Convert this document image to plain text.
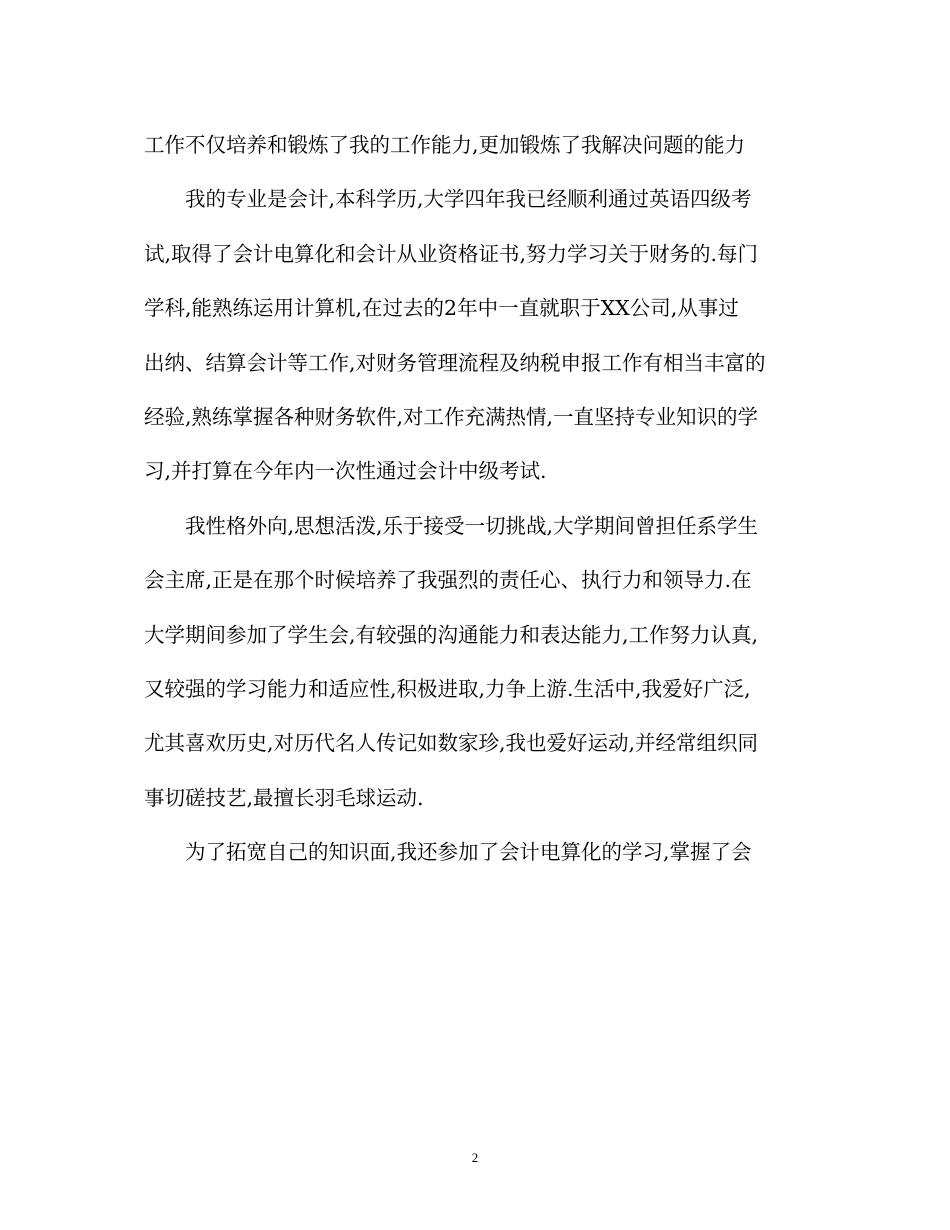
工作不仅培养和锻炼了我的工作能力,更加锻炼了我解决问题的能力
我的专业是会计,本科学历,大学四年我已经顺利通过英语四级考
试,取得了会计电算化和会计从业资格证书,努力学习关于财务的.每门
学科,能熟练运用计算机,在过去的2年中一直就职于XX公司,从事过
出纳、结算会计等工作,对财务管理流程及纳税申报工作有相当丰富的
经验,熟练掌握各种财务软件,对工作充满热情,一直坚持专业知识的学
习,并打算在今年内一次性通过会计中级考试.
我性格外向,思想活泼,乐于接受一切挑战,大学期间曾担任系学生
会主席,正是在那个时候培养了我强烈的责任心、执行力和领导力.在
大学期间参加了学生会,有较强的沟通能力和表达能力,工作努力认真,
又较强的学习能力和适应性,积极进取,力争上游.生活中,我爱好广泛,
尤其喜欢历史,对历代名人传记如数家珍,我也爱好运动,并经常组织同
事切磋技艺,最擅长羽毛球运动.
为了拓宽自己的知识面,我还参加了会计电算化的学习,掌握了会
2
